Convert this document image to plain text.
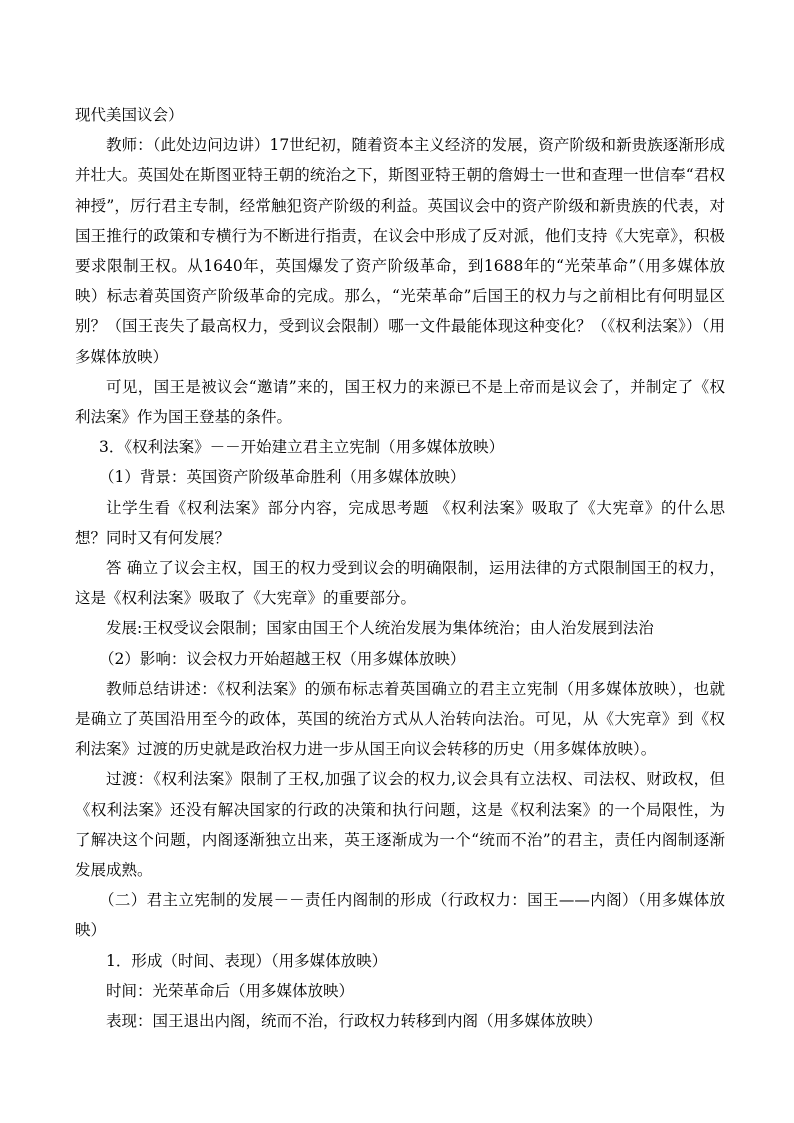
现代美国议会）

教师：（此处边问边讲）17世纪初，随着资本主义经济的发展，资产阶级和新贵族逐渐形成并壮大。英国处在斯图亚特王朝的统治之下，斯图亚特王朝的詹姆士一世和查理一世信奉“君权神授”，厉行君主专制，经常触犯资产阶级的利益。英国议会中的资产阶级和新贵族的代表，对国王推行的政策和专横行为不断进行指责，在议会中形成了反对派，他们支持《大宪章》，积极要求限制王权。从1640年，英国爆发了资产阶级革命，到1688年的“光荣革命”（用多媒体放映）标志着英国资产阶级革命的完成。那么，“光荣革命”后国王的权力与之前相比有何明显区别？（国王丧失了最高权力，受到议会限制）哪一文件最能体现这种变化？（《权利法案》）（用多媒体放映）

可见，国王是被议会“邀请”来的，国王权力的来源已不是上帝而是议会了，并制定了《权利法案》作为国王登基的条件。

3．《权利法案》－－开始建立君主立宪制（用多媒体放映）

（1）背景：英国资产阶级革命胜利（用多媒体放映）

让学生看《权利法案》部分内容，完成思考题 《权利法案》吸取了《大宪章》的什么思想？同时又有何发展？

答 确立了议会主权，国王的权力受到议会的明确限制，运用法律的方式限制国王的权力，这是《权利法案》吸取了《大宪章》的重要部分。

发展:王权受议会限制；国家由国王个人统治发展为集体统治；由人治发展到法治

（2）影响：议会权力开始超越王权（用多媒体放映）

教师总结讲述：《权利法案》的颁布标志着英国确立的君主立宪制（用多媒体放映），也就是确立了英国沿用至今的政体，英国的统治方式从人治转向法治。可见，从《大宪章》到《权利法案》过渡的历史就是政治权力进一步从国王向议会转移的历史（用多媒体放映）。

过渡：《权利法案》限制了王权,加强了议会的权力,议会具有立法权、司法权、财政权，但《权利法案》还没有解决国家的行政的决策和执行问题，这是《权利法案》的一个局限性，为了解决这个问题，内阁逐渐独立出来，英王逐渐成为一个“统而不治”的君主，责任内阁制逐渐发展成熟。

（二）君主立宪制的发展－－责任内阁制的形成（行政权力：国王——内阁）（用多媒体放映）

1．形成（时间、表现）（用多媒体放映）

时间：光荣革命后（用多媒体放映）

表现：国王退出内阁，统而不治，行政权力转移到内阁（用多媒体放映）
